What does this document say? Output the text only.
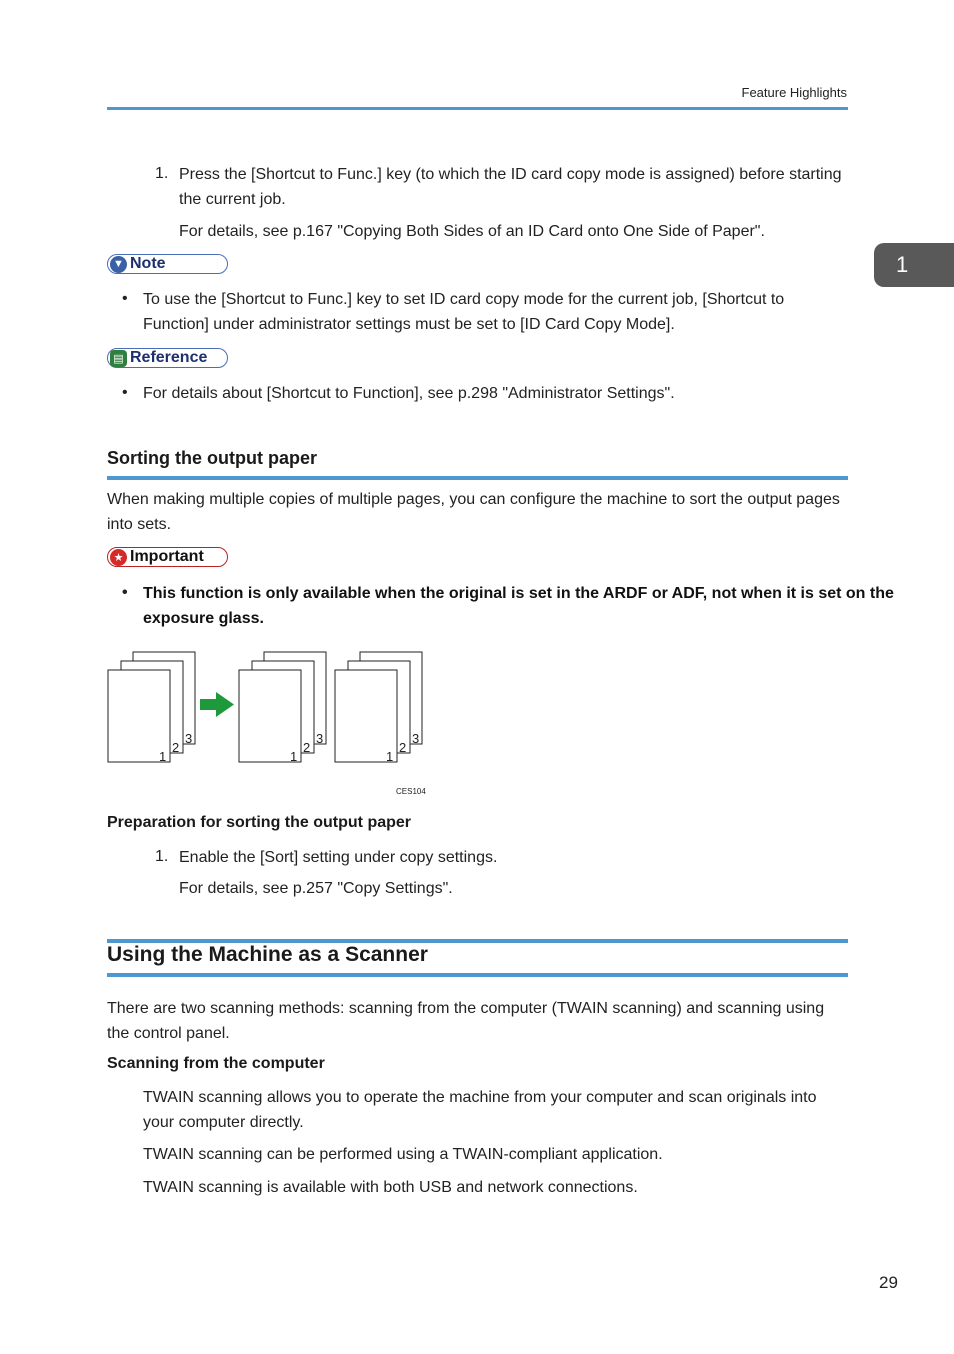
Feature Highlights
1
1. Press the [Shortcut to Func.] key (to which the ID card copy mode is assigned) before starting
the current job.
For details, see p.167 "Copying Both Sides of an ID Card onto One Side of Paper".
▼ Note
• To use the [Shortcut to Func.] key to set ID card copy mode for the current job, [Shortcut to
Function] under administrator settings must be set to [ID Card Copy Mode].
▤ Reference
• For details about [Shortcut to Function], see p.298 "Administrator Settings".
Sorting the output paper
When making multiple copies of multiple pages, you can configure the machine to sort the output pages
into sets.
★ Important
• This function is only available when the original is set in the ARDF or ADF, not when it is set on the
exposure glass.
3
2
1
3
2
1
3
2
1
CES104
Preparation for sorting the output paper
1. Enable the [Sort] setting under copy settings.
For details, see p.257 "Copy Settings".
Using the Machine as a Scanner
There are two scanning methods: scanning from the computer (TWAIN scanning) and scanning using
the control panel.
Scanning from the computer
TWAIN scanning allows you to operate the machine from your computer and scan originals into
your computer directly.
TWAIN scanning can be performed using a TWAIN-compliant application.
TWAIN scanning is available with both USB and network connections.
29
